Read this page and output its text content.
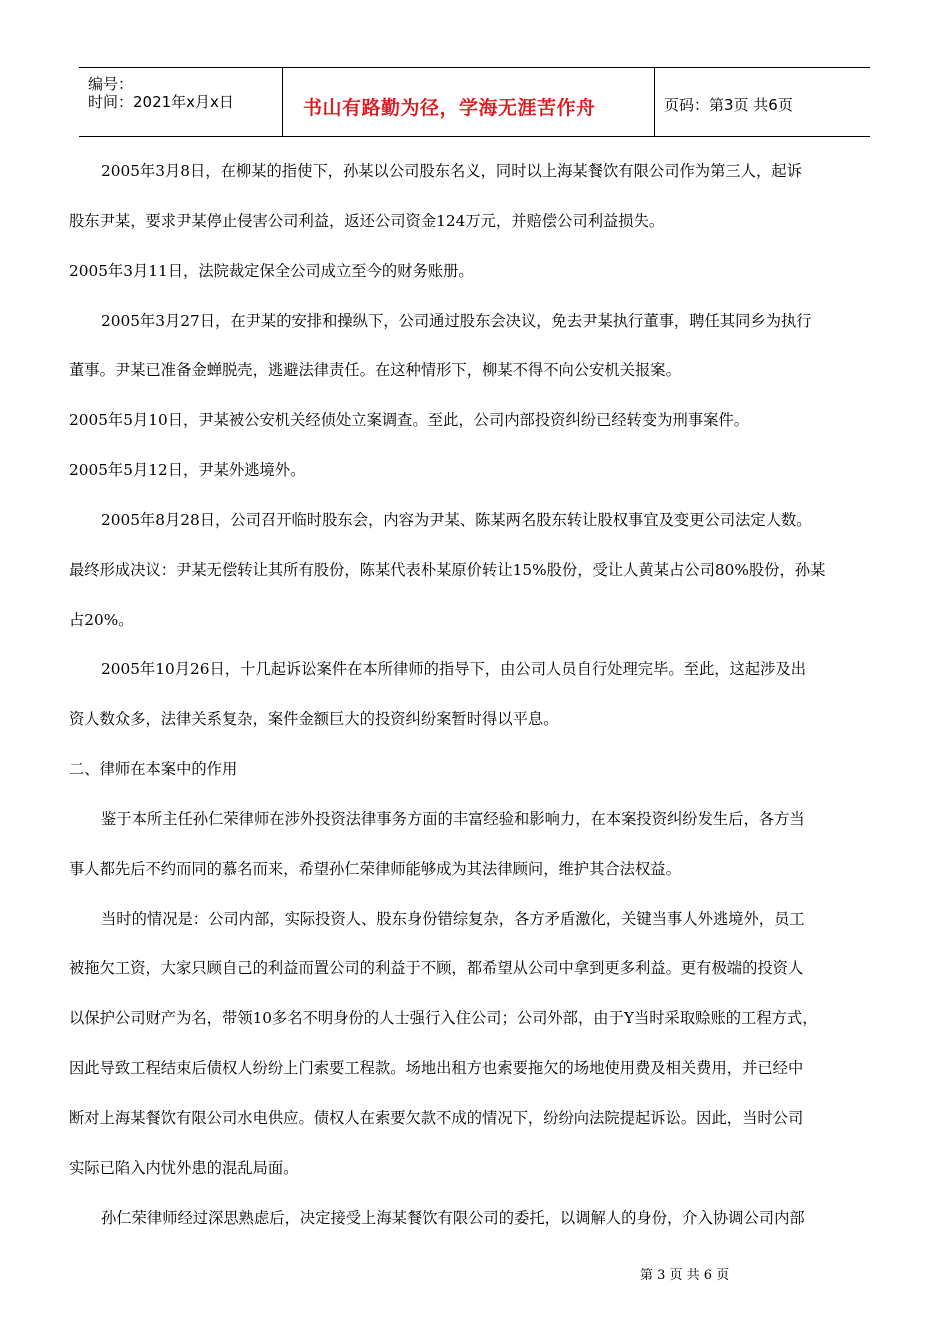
编号：
时间：2021年x月x日	书山有路勤为径，学海无涯苦作舟	页码：第3页 共6页
2005年3月8日，在柳某的指使下，孙某以公司股东名义，同时以上海某餐饮有限公司作为第三人，起诉
股东尹某，要求尹某停止侵害公司利益，返还公司资金124万元，并赔偿公司利益损失。
2005年3月11日，法院裁定保全公司成立至今的财务账册。
2005年3月27日，在尹某的安排和操纵下，公司通过股东会决议，免去尹某执行董事，聘任其同乡为执行
董事。尹某已准备金蝉脱壳，逃避法律责任。在这种情形下，柳某不得不向公安机关报案。
2005年5月10日，尹某被公安机关经侦处立案调查。至此，公司内部投资纠纷已经转变为刑事案件。
2005年5月12日，尹某外逃境外。
2005年8月28日，公司召开临时股东会，内容为尹某、陈某两名股东转让股权事宜及变更公司法定人数。
最终形成决议：尹某无偿转让其所有股份，陈某代表朴某原价转让15%股份，受让人黄某占公司80%股份，孙某
占20%。
2005年10月26日，十几起诉讼案件在本所律师的指导下，由公司人员自行处理完毕。至此，这起涉及出
资人数众多，法律关系复杂，案件金额巨大的投资纠纷案暂时得以平息。
二、律师在本案中的作用
鉴于本所主任孙仁荣律师在涉外投资法律事务方面的丰富经验和影响力，在本案投资纠纷发生后，各方当
事人都先后不约而同的慕名而来，希望孙仁荣律师能够成为其法律顾问，维护其合法权益。
当时的情况是：公司内部，实际投资人、股东身份错综复杂，各方矛盾激化，关键当事人外逃境外，员工
被拖欠工资，大家只顾自己的利益而置公司的利益于不顾，都希望从公司中拿到更多利益。更有极端的投资人
以保护公司财产为名，带领10多名不明身份的人士强行入住公司；公司外部，由于Y当时采取赊账的工程方式，
因此导致工程结束后债权人纷纷上门索要工程款。场地出租方也索要拖欠的场地使用费及相关费用，并已经中
断对上海某餐饮有限公司水电供应。债权人在索要欠款不成的情况下，纷纷向法院提起诉讼。因此，当时公司
实际已陷入内忧外患的混乱局面。
孙仁荣律师经过深思熟虑后，决定接受上海某餐饮有限公司的委托，以调解人的身份，介入协调公司内部
第 3 页 共 6 页
